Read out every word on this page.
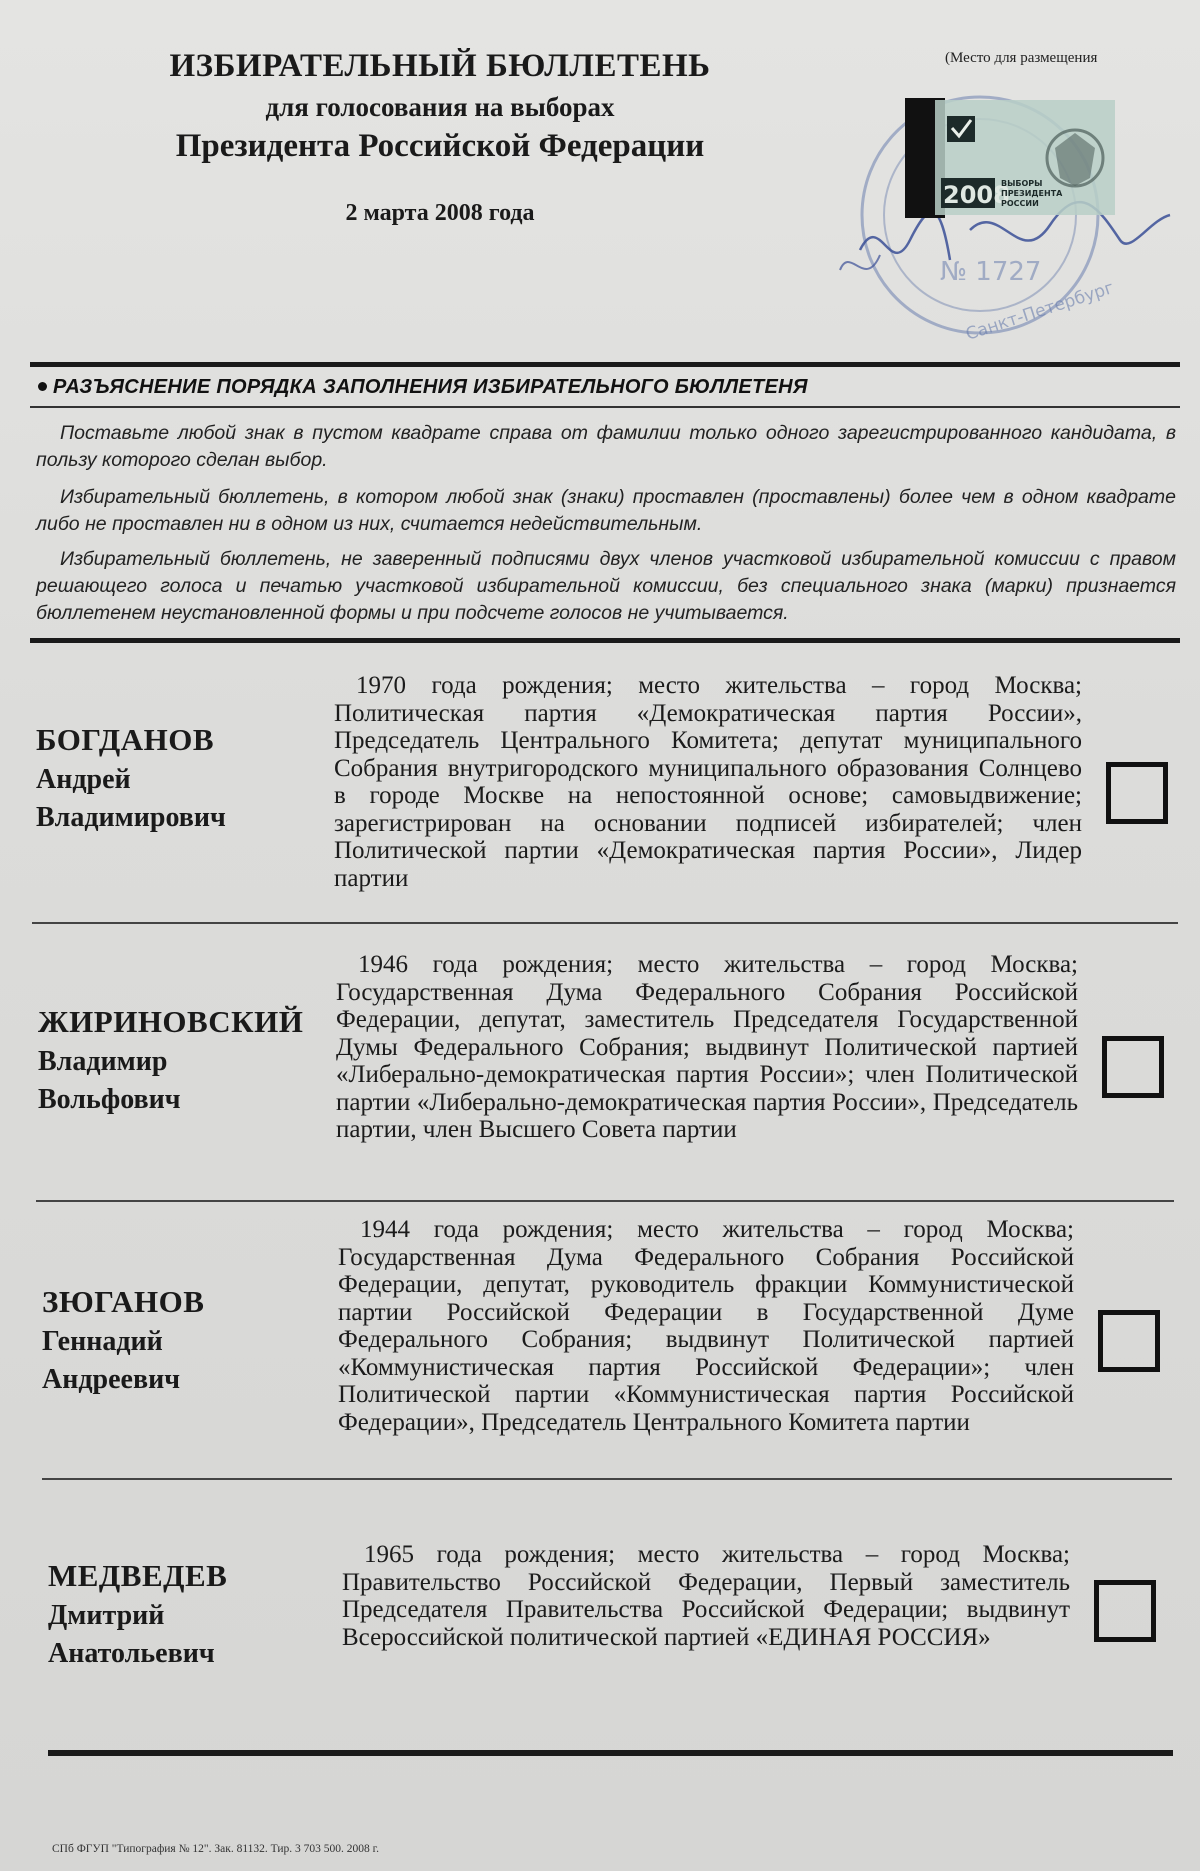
ИЗБИРАТЕЛЬНЫЙ БЮЛЛЕТЕНЬ
для голосования на выборах
Президента Российской Федерации
2 марта 2008 года
(Место для размещения
Санкт-Петербург
№ 1727
2008
ВЫБОРЫ
ПРЕЗИДЕНТА
РОССИИ
РАЗЪЯСНЕНИЕ ПОРЯДКА ЗАПОЛНЕНИЯ ИЗБИРАТЕЛЬНОГО БЮЛЛЕТЕНЯ

Поставьте любой знак в пустом квадрате справа от фамилии только одного зарегистрированного кандидата, в пользу которого сделан выбор.

Избирательный бюллетень, в котором любой знак (знаки) проставлен (проставлены) более чем в одном квадрате либо не проставлен ни в одном из них, считается недействительным.

Избирательный бюллетень, не заверенный подписями двух членов участковой избирательной комиссии с правом решающего голоса и печатью участковой избирательной комиссии, без специального знака (марки) признается бюллетенем неустановленной формы и при подсчете голосов не учитывается.

БОГДАНОВ
Андрей
Владимирович

1970 года рождения; место жительства – город Москва; Политическая партия «Демократическая партия России», Председатель Центрального Комитета; депутат муниципального Собрания внутригородского муниципального образования Солнцево в городе Москве на непостоянной основе; самовыдвижение; зарегистрирован на основании подписей избирателей; член Политической партии «Демократическая партия России», Лидер партии

ЖИРИНОВСКИЙ
Владимир
Вольфович

1946 года рождения; место жительства – город Москва; Государственная Дума Федерального Собрания Российской Федерации, депутат, заместитель Председателя Государственной Думы Федерального Собрания; выдвинут Политической партией «Либерально-демократическая партия России»; член Политической партии «Либерально-демократическая партия России», Председатель партии, член Высшего Совета партии

ЗЮГАНОВ
Геннадий
Андреевич

1944 года рождения; место жительства – город Москва; Государственная Дума Федерального Собрания Российской Федерации, депутат, руководитель фракции Коммунистической партии Российской Федерации в Государственной Думе Федерального Собрания; выдвинут Политической партией «Коммунистическая партия Российской Федерации»; член Политической партии «Коммунистическая партия Российской Федерации», Председатель Центрального Комитета партии

МЕДВЕДЕВ
Дмитрий
Анатольевич

1965 года рождения; место жительства – город Москва; Правительство Российской Федерации, Первый заместитель Председателя Правительства Российской Федерации; выдвинут Всероссийской политической партией «ЕДИНАЯ РОССИЯ»

СПб ФГУП "Типография № 12". Зак. 81132. Тир. 3 703 500. 2008 г.
